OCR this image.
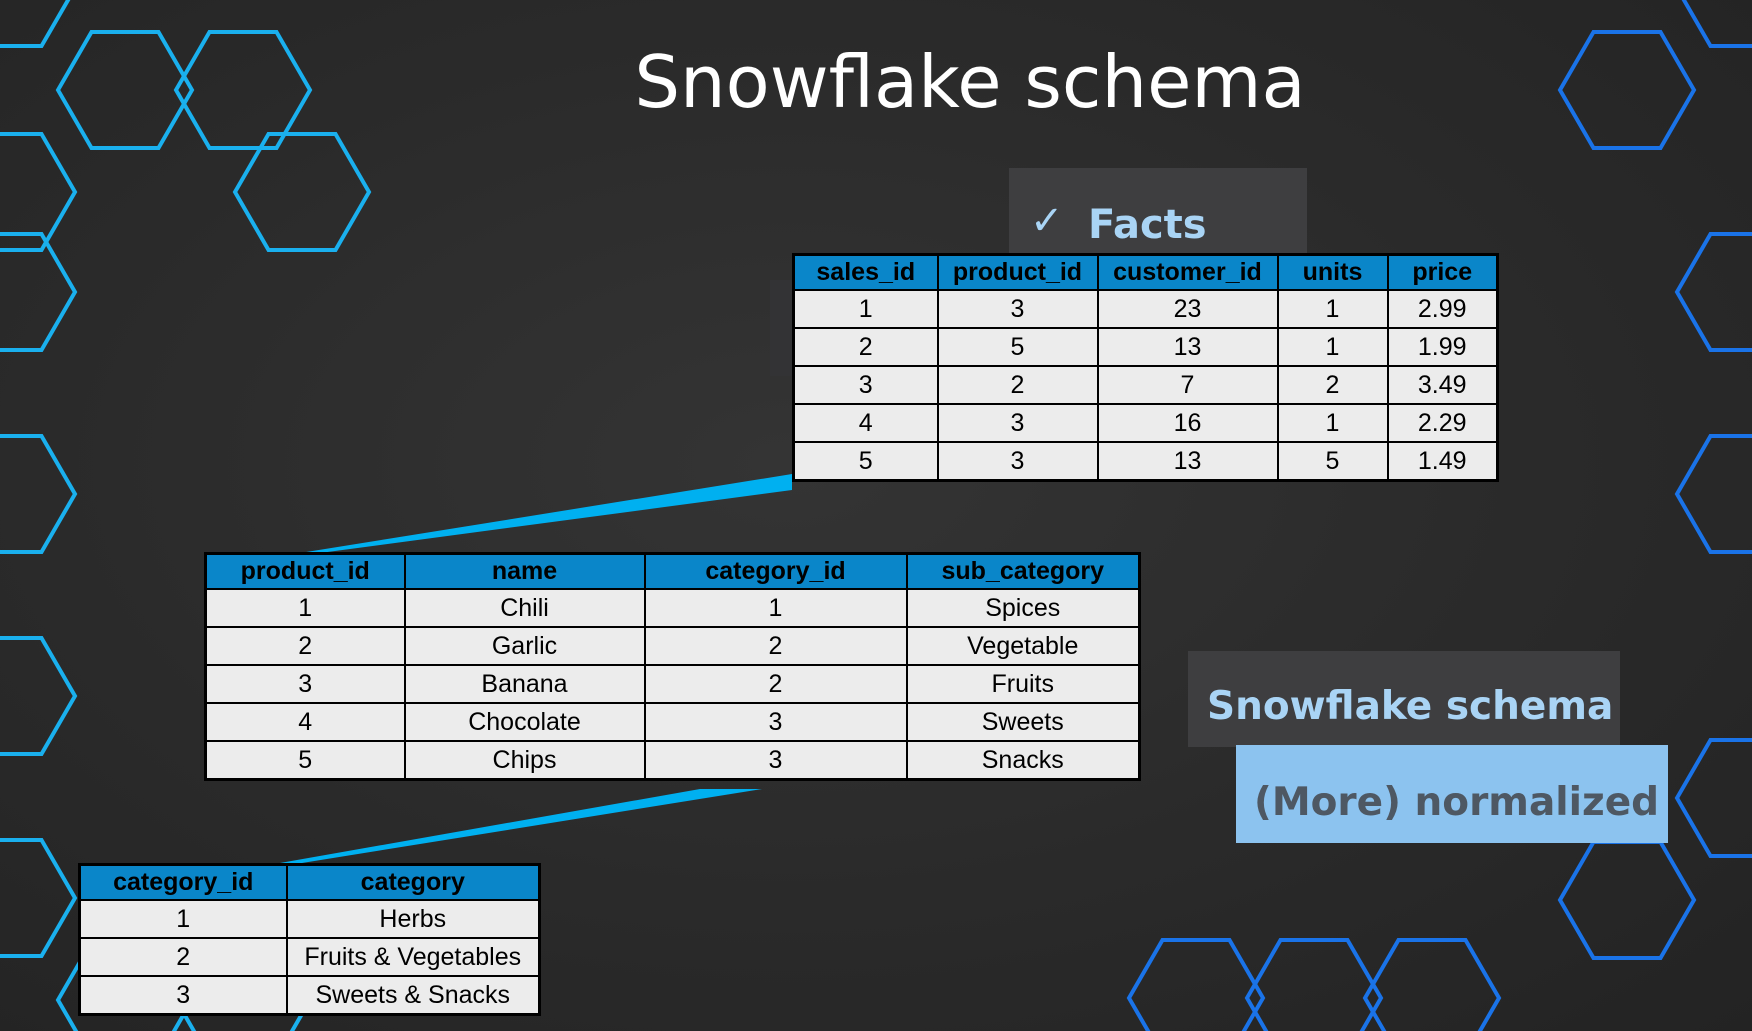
Snowflake schema
✓ Facts
sales_id	product_id	customer_id	units	price
1	3	23	1	2.99
2	5	13	1	1.99
3	2	7	2	3.49
4	3	16	1	2.29
5	3	13	5	1.49
product_id	name	category_id	sub_category
1	Chili	1	Spices
2	Garlic	2	Vegetable
3	Banana	2	Fruits
4	Chocolate	3	Sweets
5	Chips	3	Snacks
category_id	category
1	Herbs
2	Fruits & Vegetables
3	Sweets & Snacks
Snowflake schema
(More) normalized
